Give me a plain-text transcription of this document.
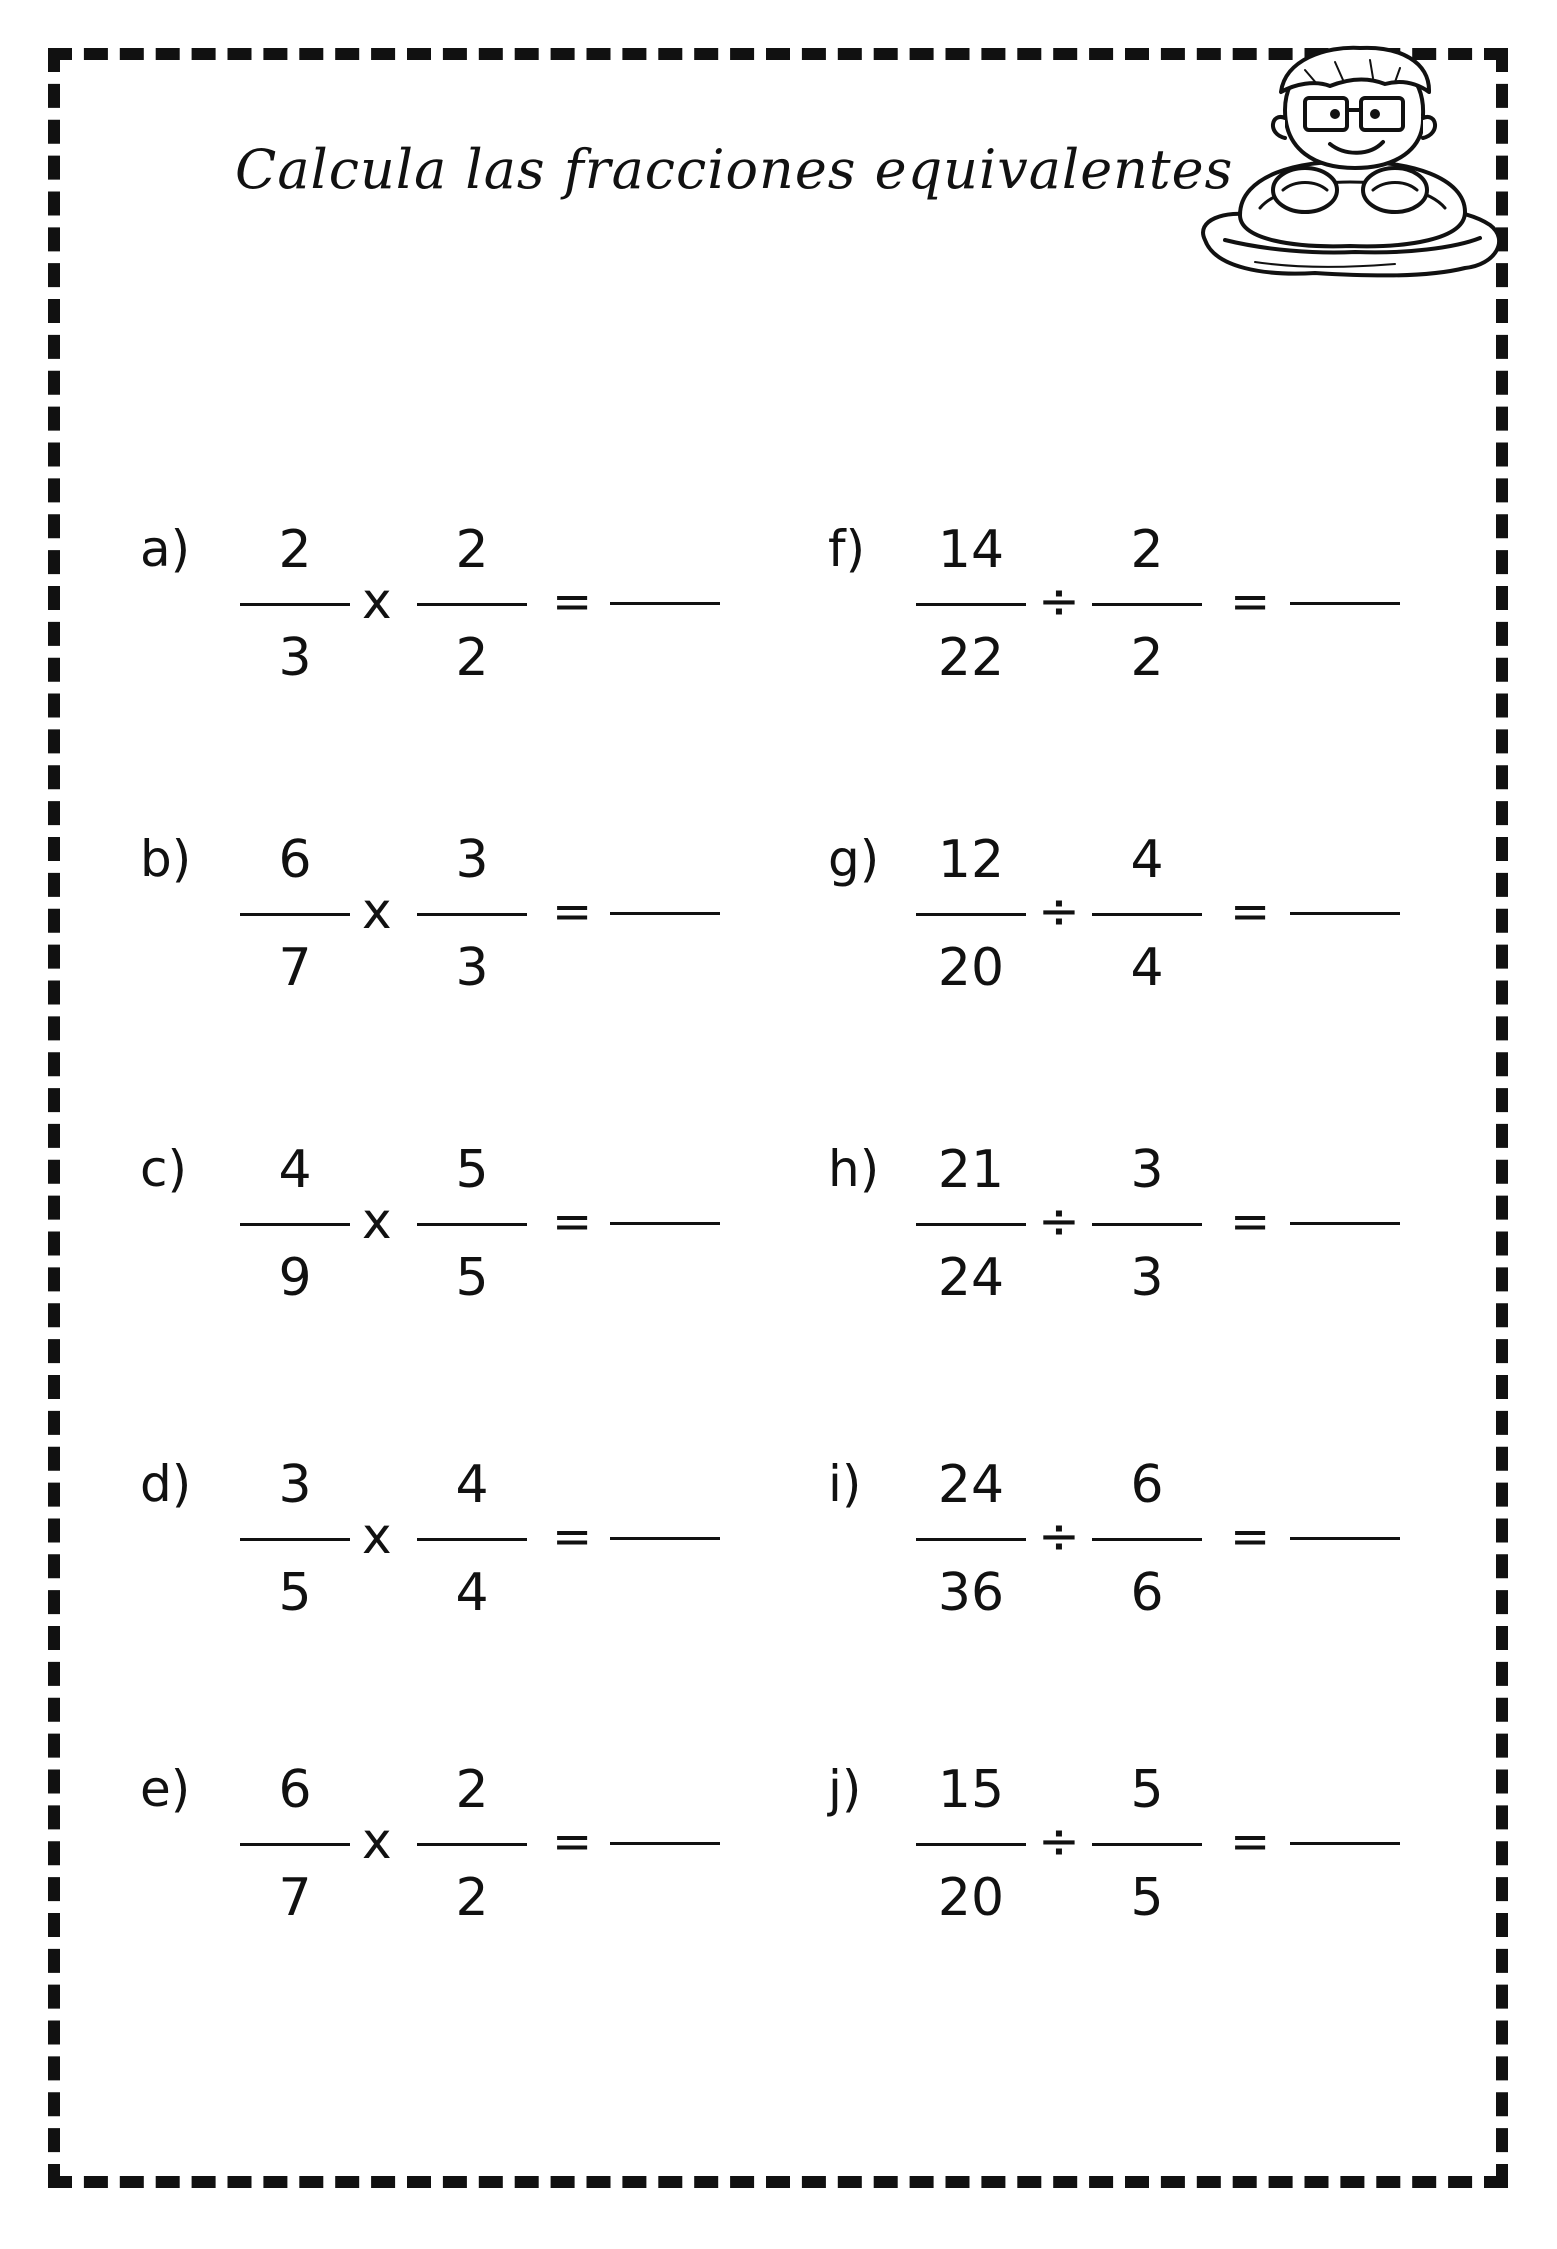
Calcula las fracciones equivalentes
a)	2
3
x
2
2
=
b)	6
7
x
3
3
=
c)	4
9
x
5
5
=
d)	3
5
x
4
4
=
e)	6
7
x
2
2
=
f)	14
22
÷
2
2
=
g)	12
20
÷
4
4
=
h)	21
24
÷
3
3
=
i)	24
36
÷
6
6
=
j)	15
20
÷
5
5
=
